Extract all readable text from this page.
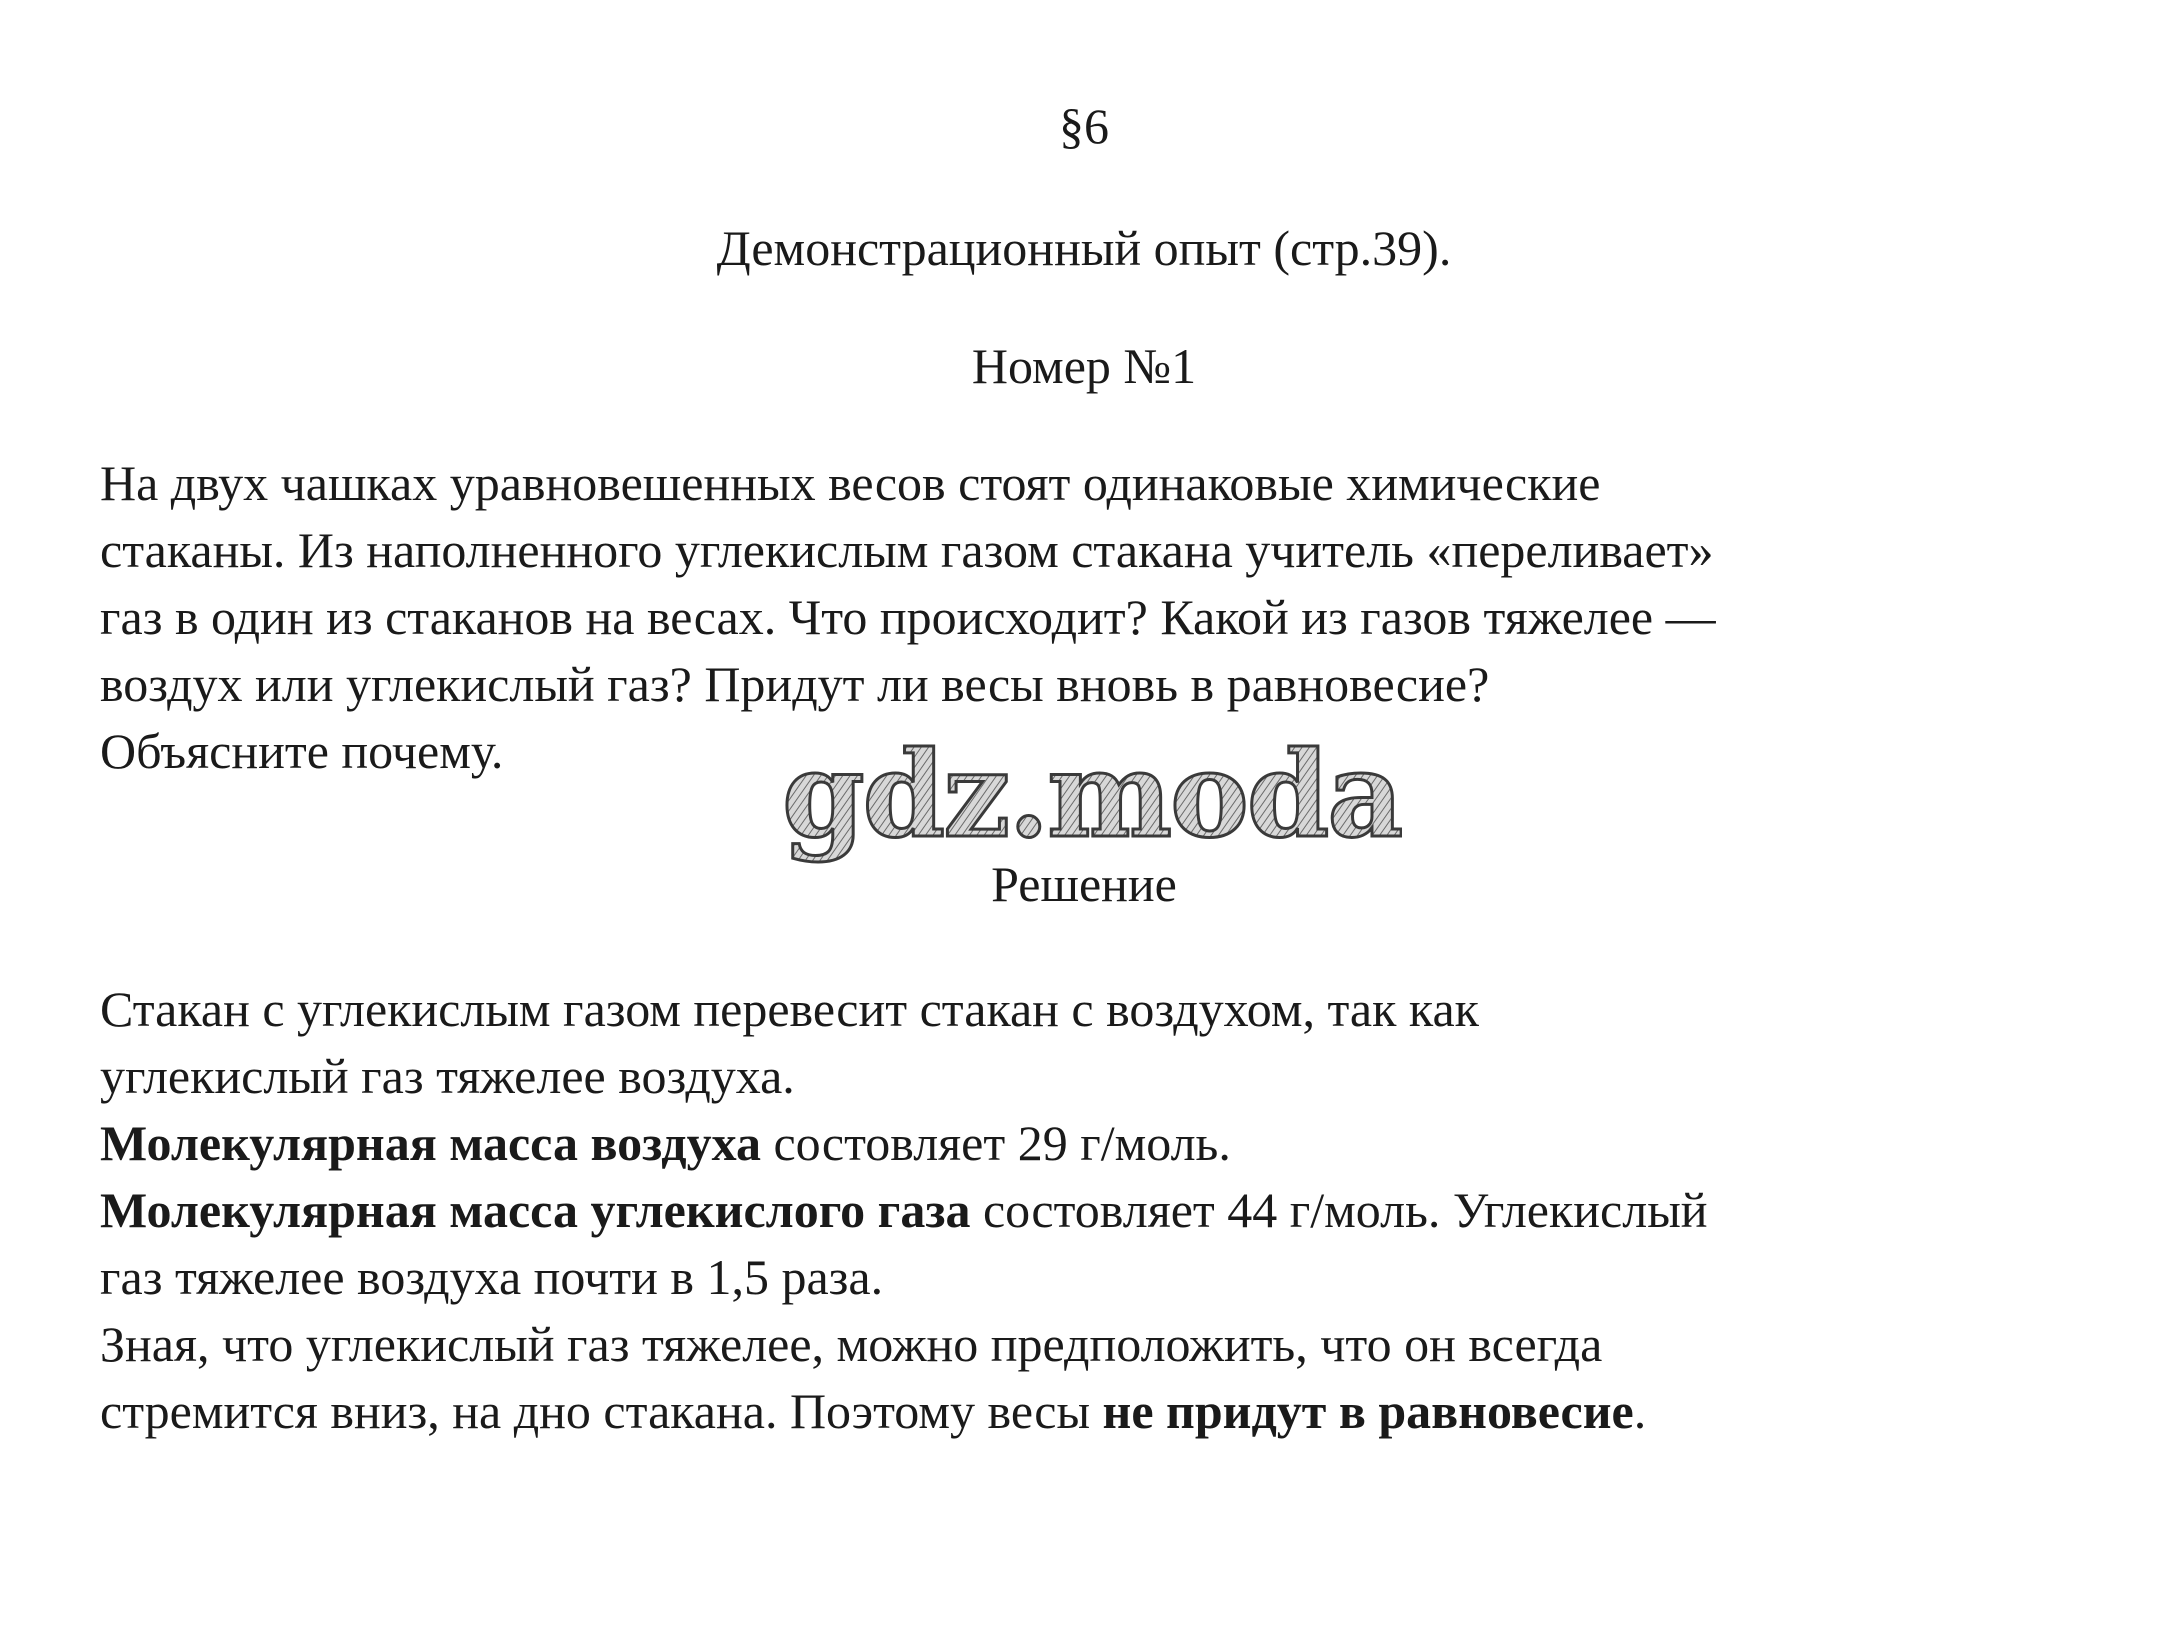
§6
Демонстрационный опыт (стр.39).
Номер №1

На двух чашках уравновешенных весов стоят одинаковые химические

стаканы. Из наполненного углекислым газом стакана учитель «переливает»

газ в один из стаканов на весах. Что происходит? Какой из газов тяжелее —

воздух или углекислый газ? Придут ли весы вновь в равновесие?

Объясните почему.	gdz.moda
Решение

Стакан с углекислым газом перевесит стакан с воздухом, так как

углекислый газ тяжелее воздуха.

Молекулярная масса воздуха состовляет 29 г/моль.

Молекулярная масса углекислого газа состовляет 44 г/моль. Углекислый

газ тяжелее воздуха почти в 1,5 раза.

Зная, что углекислый газ тяжелее, можно предположить, что он всегда

стремится вниз, на дно стакана. Поэтому весы не придут в равновесие.
